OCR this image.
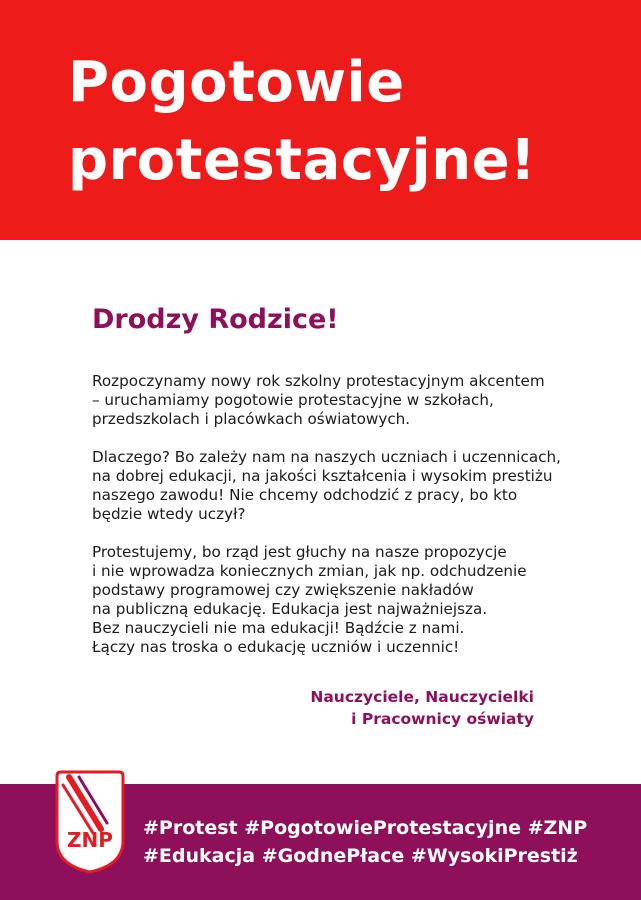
Pogotowie
protestacyjne!
Drodzy Rodzice!

Rozpoczynamy nowy rok szkolny protestacyjnym akcentem
– uruchamiamy pogotowie protestacyjne w szkołach,
przedszkolach i placówkach oświatowych.

Dlaczego? Bo zależy nam na naszych uczniach i uczennicach,
na dobrej edukacji, na jakości kształcenia i wysokim prestiżu
naszego zawodu! Nie chcemy odchodzić z pracy, bo kto
będzie wtedy uczył?

Protestujemy, bo rząd jest głuchy na nasze propozycje
i nie wprowadza koniecznych zmian, jak np. odchudzenie
podstawy programowej czy zwiększenie nakładów
na publiczną edukację. Edukacja jest najważniejsza.
Bez nauczycieli nie ma edukacji! Bądźcie z nami.
Łączy nas troska o edukację uczniów i uczennic!

Nauczyciele, Nauczycielki
i Pracownicy oświaty
ZNP #Protest #PogotowieProtestacyjne #ZNP
#Edukacja #GodnePłace #WysokiPrestiż
